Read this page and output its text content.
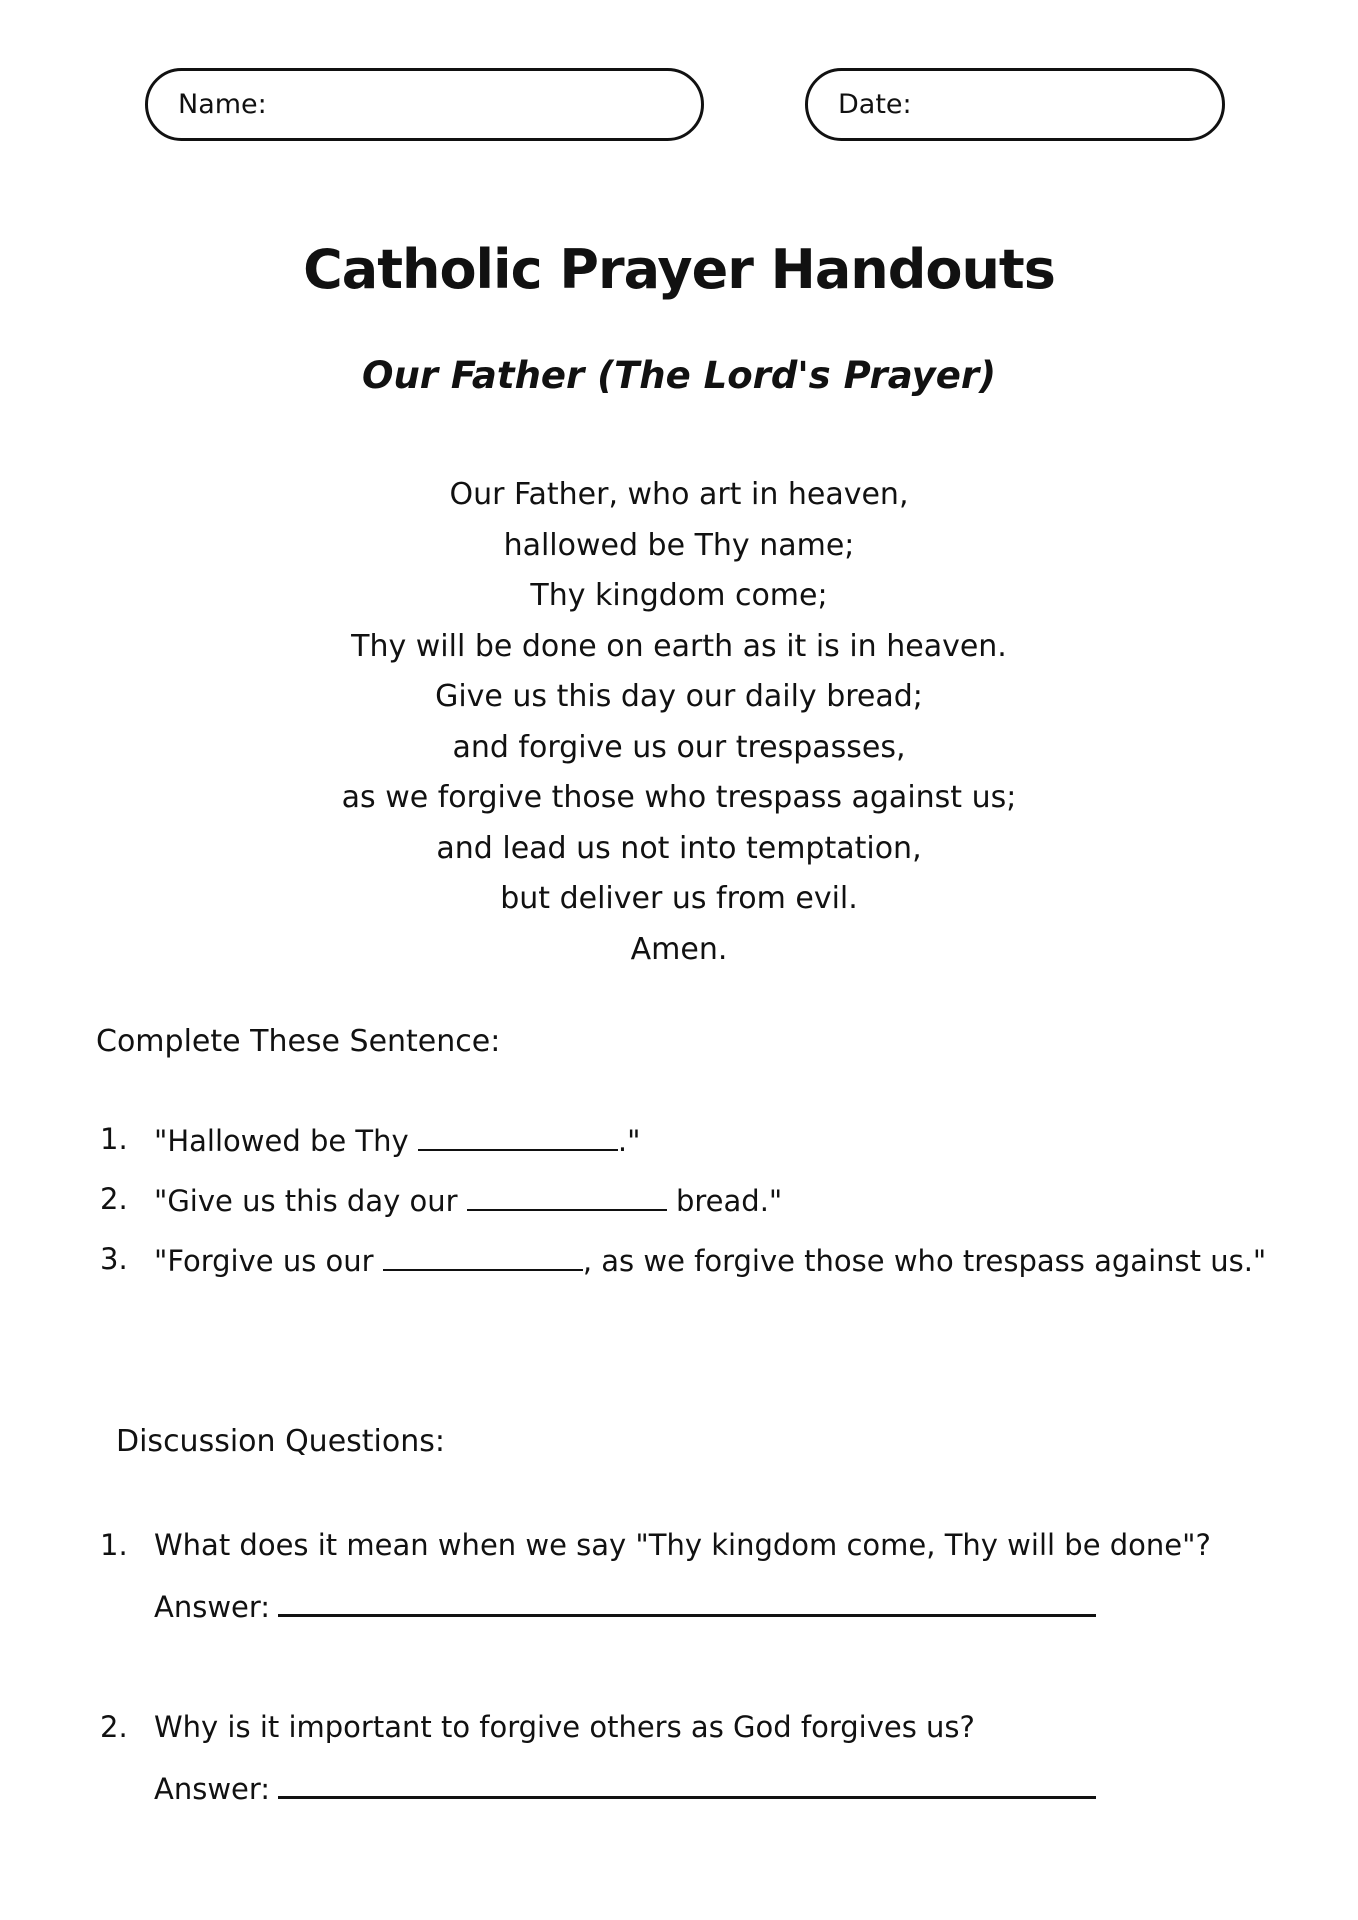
Name:	Date:
Catholic Prayer Handouts
Our Father (The Lord's Prayer)
Our Father, who art in heaven,
hallowed be Thy name;
Thy kingdom come;
Thy will be done on earth as it is in heaven.
Give us this day our daily bread;
and forgive us our trespasses,
as we forgive those who trespass against us;
and lead us not into temptation,
but deliver us from evil.
Amen.
Complete These Sentence:
1. "Hallowed be Thy	."
2. "Give us this day our	bread."
3. "Forgive us our	, as we forgive those who trespass against us."
Discussion Questions:
1. What does it mean when we say "Thy kingdom come, Thy will be done"?
Answer:
2. Why is it important to forgive others as God forgives us?
Answer:
